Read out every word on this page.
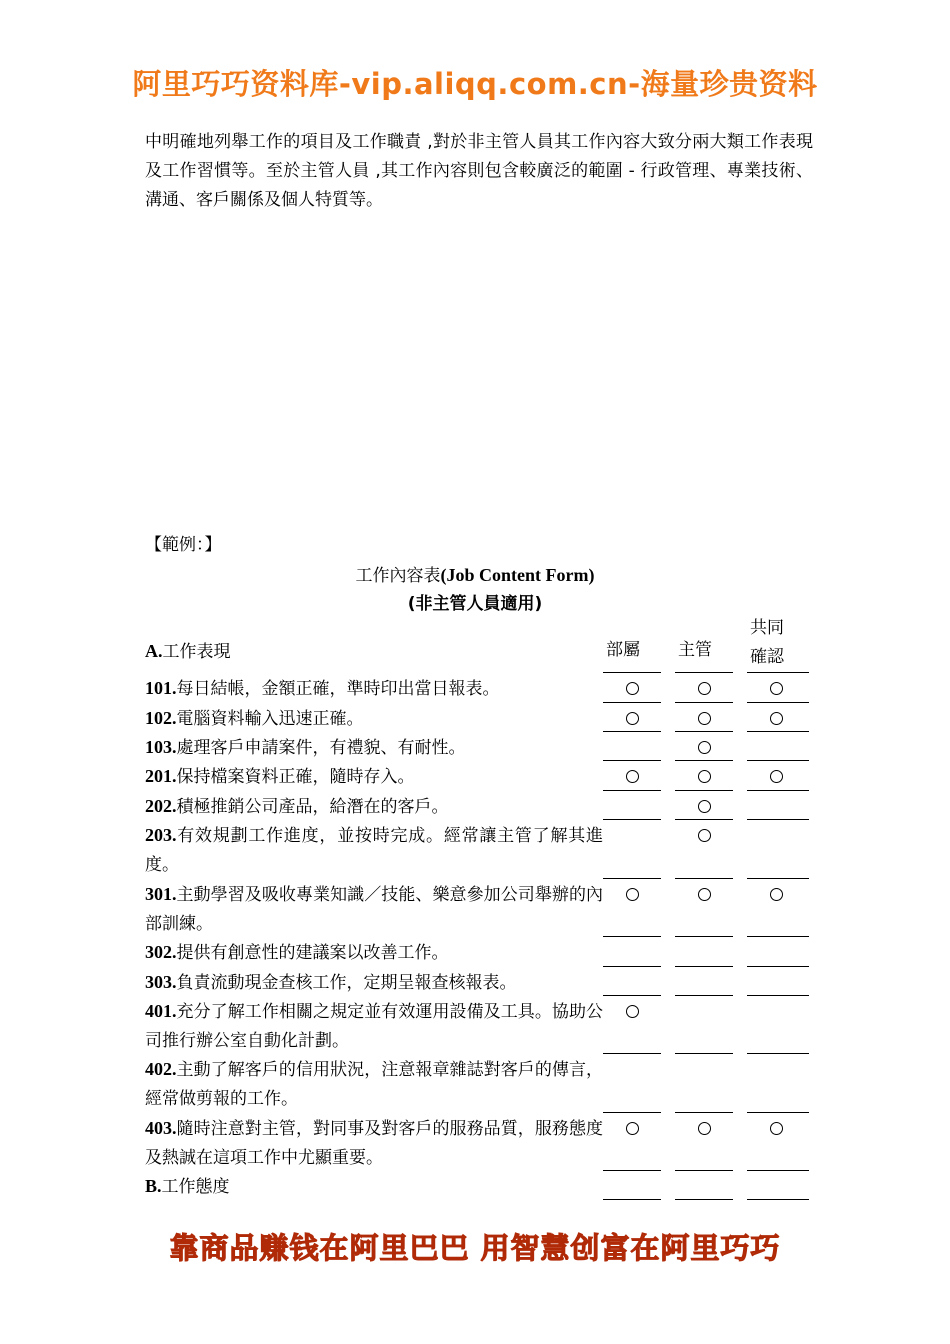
阿里巧巧资料库-vip.aliqq.com.cn-海量珍贵资料

中明確地列舉工作的項目及工作職責 ,對於非主管人員其工作內容大致分兩大類工作表現及工作習慣等。至於主管人員 ,其工作內容則包含較廣泛的範圍 - 行政管理、專業技術、溝通、客戶關係及個人特質等。

【範例：】
工作內容表(Job Content Form)
(非主管人員適用)
A.工作表現	部屬 主管
共同確認
101.每日結帳，金額正確，準時印出當日報表。
102.電腦資料輸入迅速正確。
103.處理客戶申請案件，有禮貌、有耐性。
201.保持檔案資料正確，隨時存入。
202.積極推銷公司產品，給潛在的客戶。
203.有效規劃工作進度，並按時完成。經常讓主管了解其進度。
301.主動學習及吸收專業知識／技能、樂意參加公司舉辦的內部訓練。
302.提供有創意性的建議案以改善工作。
303.負責流動現金查核工作，定期呈報查核報表。
401.充分了解工作相關之規定並有效運用設備及工具。協助公司推行辦公室自動化計劃。
402.主動了解客戶的信用狀況，注意報章雜誌對客戶的傳言，經常做剪報的工作。
403.隨時注意對主管，對同事及對客戶的服務品質，服務態度及熱誠在這項工作中尤顯重要。
B.工作態度
靠商品赚钱在阿里巴巴 用智慧创富在阿里巧巧
